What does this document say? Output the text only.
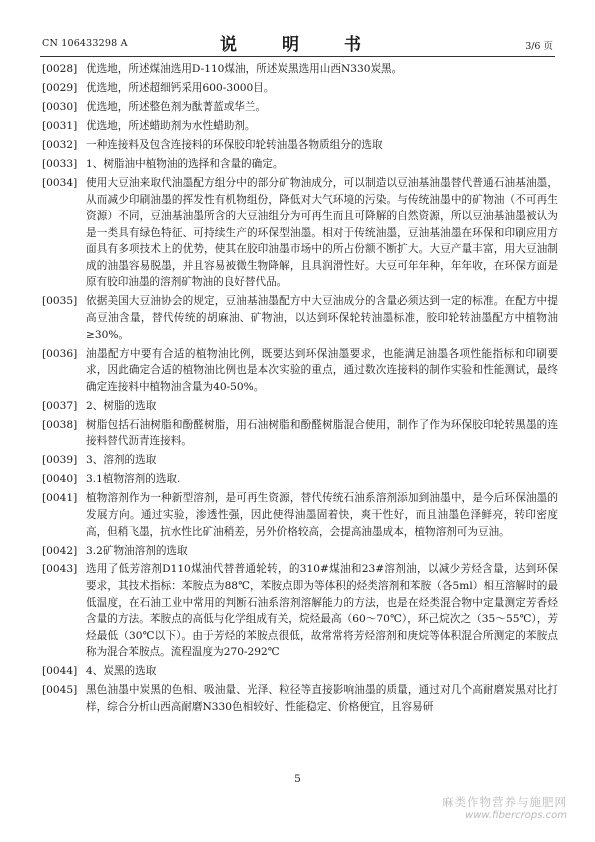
CN 106433298 A	说　明　书	3/6 页
[0028] 优选地，所述煤油选用D-110煤油，所述炭黑选用山西N330炭黑。
[0029] 优选地，所述超细钙采用600-3000目。
[0030] 优选地，所述整色剂为酞菁蓝或华兰。
[0031] 优选地，所述蜡助剂为水性蜡助剂。
[0032] 一种连接料及包含连接料的环保胶印轮转油墨各物质组分的选取
[0033] 1、树脂油中植物油的选择和含量的确定。
[0034] 使用大豆油来取代油墨配方组分中的部分矿物油成分，可以制造以豆油基油墨替代普通石油基油墨，从而减少印刷油墨的挥发性有机物组份，降低对大气环境的污染。与传统油墨中的矿物油（不可再生资源）不同，豆油基油墨所含的大豆油组分为可再生而且可降解的自然资源，所以豆油基油墨被认为是一类具有绿色特征、可持续生产的环保型油墨。相对于传统油墨，豆油基油墨在环保和印刷应用方面具有多项技术上的优势，使其在胶印油墨市场中的所占份额不断扩大。大豆产量丰富，用大豆油制成的油墨容易脱墨，并且容易被微生物降解，且具润滑性好。大豆可年年种，年年收，在环保方面是原有胶印油墨的溶剂矿物油的良好替代品。
[0035] 依据美国大豆油协会的规定，豆油基油墨配方中大豆油成分的含量必须达到一定的标准。在配方中提高豆油含量，替代传统的胡麻油、矿物油，以达到环保轮转油墨标准，胶印轮转油墨配方中植物油≥30%。
[0036] 油墨配方中要有合适的植物油比例，既要达到环保油墨要求，也能满足油墨各项性能指标和印刷要求，因此确定合适的植物油比例也是本次实验的重点，通过数次连接料的制作实验和性能测试，最终确定连接料中植物油含量为40-50%。
[0037] 2、树脂的选取
[0038] 树脂包括石油树脂和酚醛树脂，用石油树脂和酚醛树脂混合使用，制作了作为环保胶印轮转黑墨的连接料替代沥青连接料。
[0039] 3、溶剂的选取
[0040] 3.1植物溶剂的选取.
[0041] 植物溶剂作为一种新型溶剂，是可再生资源，替代传统石油系溶剂添加到油墨中，是今后环保油墨的发展方向。通过实验，渗透性强，因此使得油墨固着快，爽干性好，而且油墨色泽鲜亮，转印密度高，但稍飞墨，抗水性比矿油稍差，另外价格较高，会提高油墨成本，植物溶剂可为豆油。
[0042] 3.2矿物油溶剂的选取
[0043] 选用了低芳溶剂D110煤油代替普通轮转，的310#煤油和23#溶剂油，以减少芳烃含量，达到环保要求，其技术指标：苯胺点为88℃，苯胺点即为等体积的烃类溶剂和苯胺（各5ml）相互溶解时的最低温度，在石油工业中常用的判断石油系溶剂溶解能力的方法，也是在烃类混合物中定量测定芳香烃含量的方法。苯胺点的高低与化学组成有关，烷烃最高（60～70℃），环己烷次之（35～55℃），芳烃最低（30℃以下）。由于芳烃的苯胺点很低，故常常将芳烃溶剂和庚烷等体积混合所测定的苯胺点称为混合苯胺点。流程温度为270-292℃
[0044] 4、炭黑的选取
[0045] 黑色油墨中炭黑的色相、吸油量、光泽、粒径等直接影响油墨的质量，通过对几个高耐磨炭黑对比打样，综合分析山西高耐磨N330色相较好、性能稳定、价格便宜，且容易研
5
麻类作物营养与施肥网
www.fibercrops.com
